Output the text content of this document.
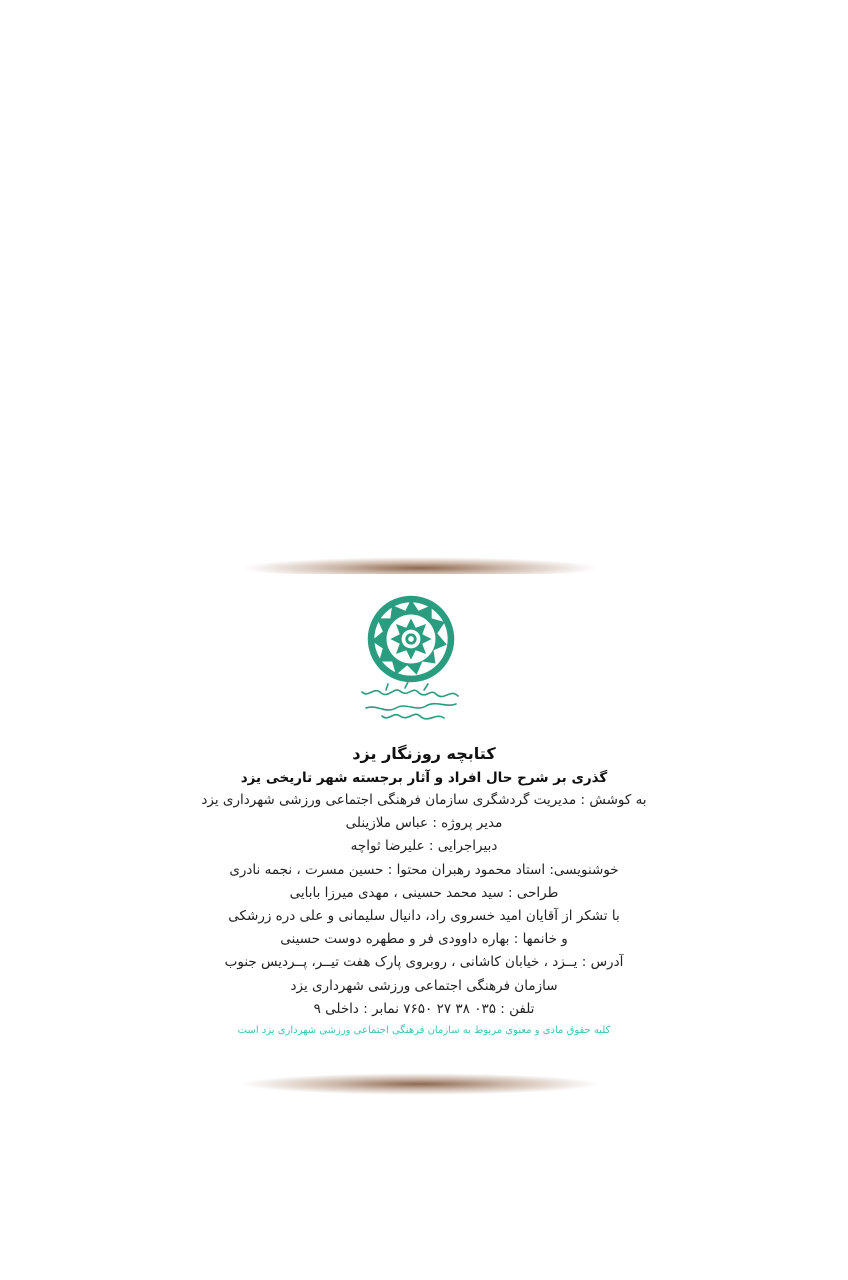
کتابچه روزنگار یزد
گذری بر شرح حال افراد و آثار برجسته شهر تاریخی یزد
به کوشش : مدیریت گردشگری سازمان فرهنگی اجتماعی ورزشی شهرداری یزد
مدیر پروژه : عباس ملازینلی
دبیراجرایی : علیرضا ثواچه
خوشنویسی: استاد محمود رهبران محتوا : حسین مسرت ، نجمه نادری
طراحی : سید محمد حسینی ، مهدی میرزا بابایی
با تشکر از آقایان امید خسروی راد، دانیال سلیمانی و علی دره زرشکی
و خانمها : بهاره داوودی فر و مطهره دوست حسینی
آدرس : یــزد ، خیابان کاشانی ، روبروی پارک هفت تیــر، پــردیس جنوب
سازمان فرهنگی اجتماعی ورزشی شهرداری یزد
تلفن : ۰۳۵ ۳۸ ۲۷ ۷۶۵۰ نمابر : داخلی ۹
کلیه حقوق مادی و معنوی مربوط به سازمان فرهنگی اجتماعی ورزشی شهرداری یزد است
